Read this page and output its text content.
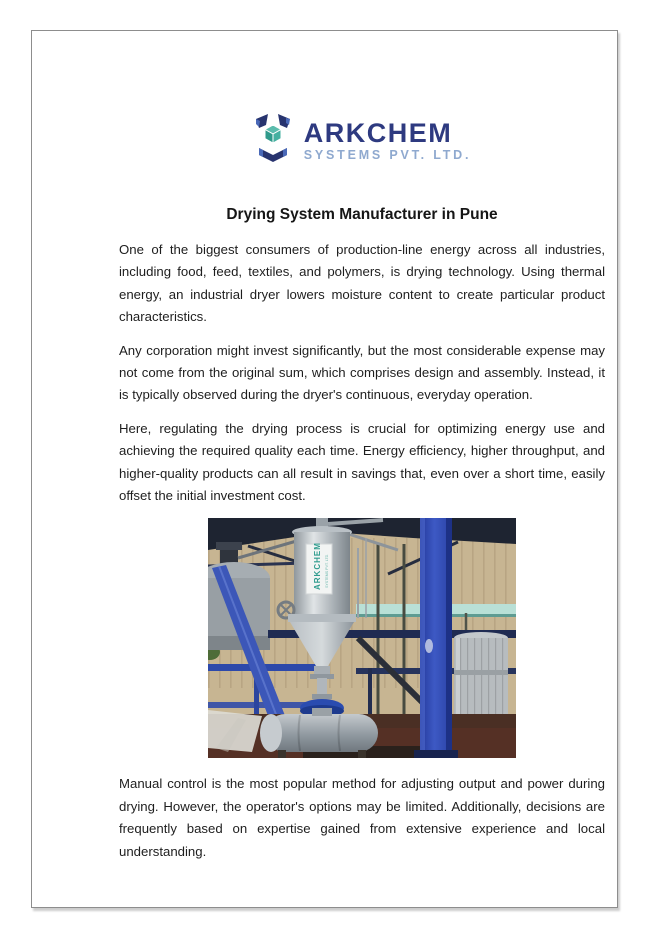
ARKCHEM
SYSTEMS PVT. LTD.
Drying System Manufacturer in Pune

One of the biggest consumers of production-line energy across all industries, including food, feed, textiles, and polymers, is drying technology. Using thermal energy, an industrial dryer lowers moisture content to create particular product characteristics.

Any corporation might invest significantly, but the most considerable expense may not come from the original sum, which comprises design and assembly. Instead, it is typically observed during the dryer's continuous, everyday operation.

Here, regulating the drying process is crucial for optimizing energy use and achieving the required quality each time. Energy efficiency, higher throughput, and higher-quality products can all result in savings that, even over a short time, easily offset the initial investment cost.

ARKCHEM SYSTEMS PVT. LTD.

Manual control is the most popular method for adjusting output and power during drying. However, the operator's options may be limited. Additionally, decisions are frequently based on expertise gained from extensive experience and local understanding.
